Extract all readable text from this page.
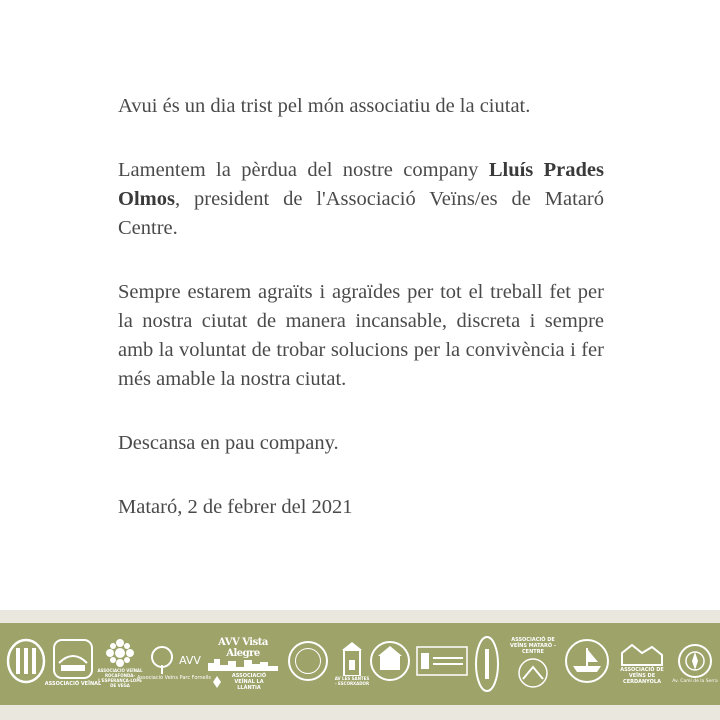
Avui és un dia trist pel món associatiu de la ciutat.

Lamentem la pèrdua del nostre company Lluís Prades Olmos, president de l'Associació Veïns/es de Mataró Centre.

Sempre estarem agraïts i agraïdes per tot el treball fet per la nostra ciutat de manera incansable, discreta i sempre amb la voluntat de trobar solucions per la convivència i fer més amable la nostra ciutat.

Descansa en pau company.

Mataró, 2 de febrer del 2021

ASSOCIACIÓ VEÏNAL
ASSOCIACIÓ VEÏNAL ROCAFONDA-L'ESPERANÇA-LOPE DE VEGA
AVV
Associació Veïns Parc Fornells
AVV Vista Alegre
ASSOCIACIÓ VEÏNAL LA LLÀNTIA
AV LES SANTES - ESCORXADOR
ASSOCIACIÓ DE VEÏNS MATARÓ - CENTRE
ASSOCIACIÓ DE VEÏNS DE CERDANYOLA	Av. Camí de la Serra
